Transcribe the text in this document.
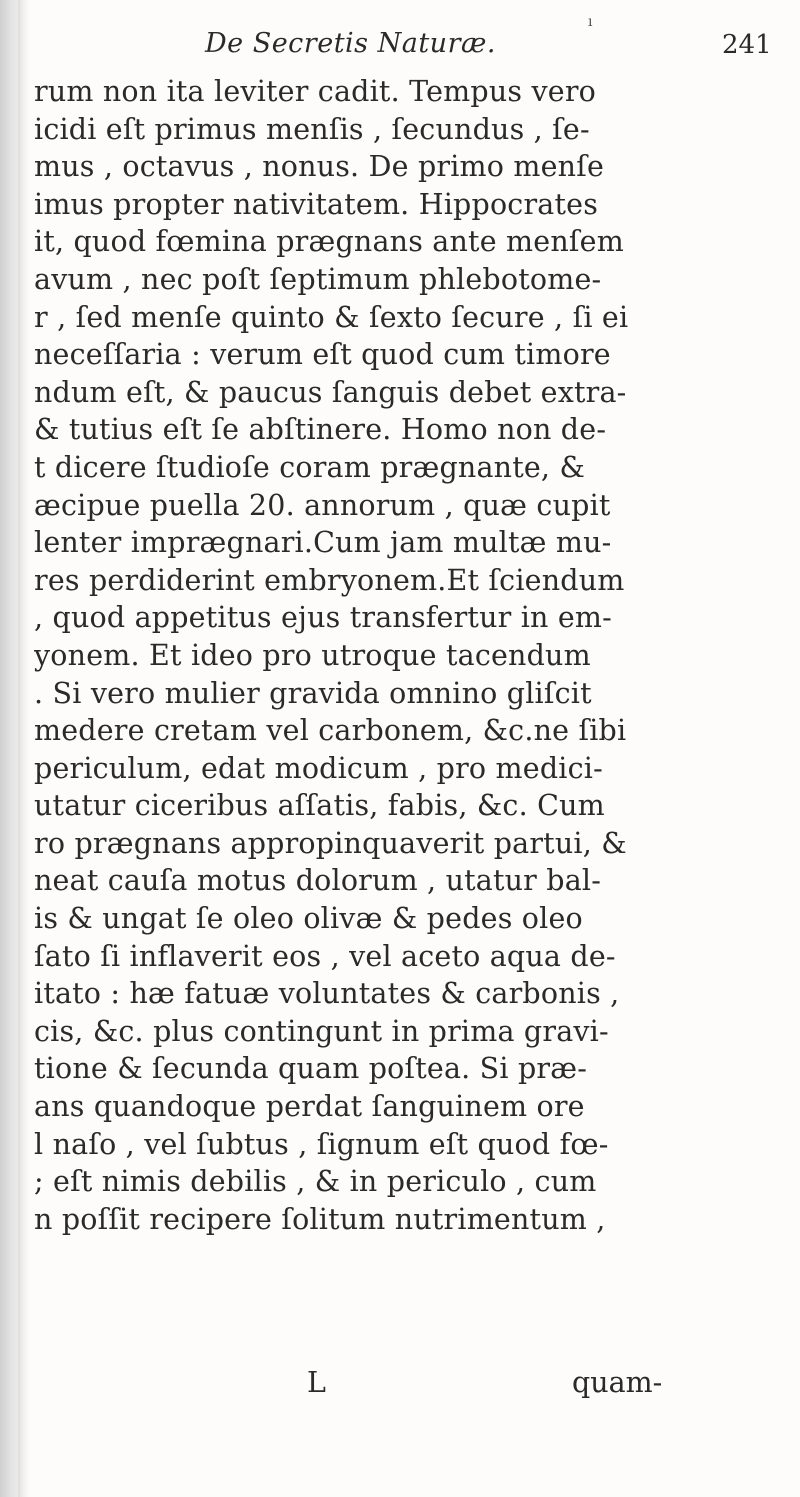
ı
De Secretis Naturæ.	241
rum non ita leviter cadit. Tempus vero
icidi eſt primus menſis , ſecundus , ſe-
mus , octavus , nonus. De primo menſe
imus propter nativitatem. Hippocrates
it, quod fœmina prægnans ante menſem
avum , nec poſt ſeptimum phlebotome-
r , ſed menſe quinto & ſexto ſecure , ſi ei
neceſſaria : verum eſt quod cum timore
ndum eſt, & paucus ſanguis debet extra-
& tutius eſt ſe abſtinere. Homo non de-
t dicere ſtudioſe coram prægnante, &
æcipue puella 20. annorum , quæ cupit
lenter imprægnari.Cum jam multæ mu-
res perdiderint embryonem.Et ſciendum
, quod appetitus ejus transfertur in em-
yonem. Et ideo pro utroque tacendum
. Si vero mulier gravida omnino gliſcit
medere cretam vel carbonem, &c.ne ſibi
periculum, edat modicum , pro medici-
utatur ciceribus aſſatis, fabis, &c. Cum
ro prægnans appropinquaverit partui, &
neat cauſa motus dolorum , utatur bal-
is & ungat ſe oleo olivæ & pedes oleo
ſato ſi inflaverit eos , vel aceto aqua de-
itato : hæ fatuæ voluntates & carbonis ,
cis, &c. plus contingunt in prima gravi-
tione & ſecunda quam poſtea. Si præ-
ans quandoque perdat ſanguinem ore
l naſo , vel ſubtus , ſignum eſt quod fœ-
; eſt nimis debilis , & in periculo , cum
n poſſit recipere ſolitum nutrimentum ,
L	quam-
